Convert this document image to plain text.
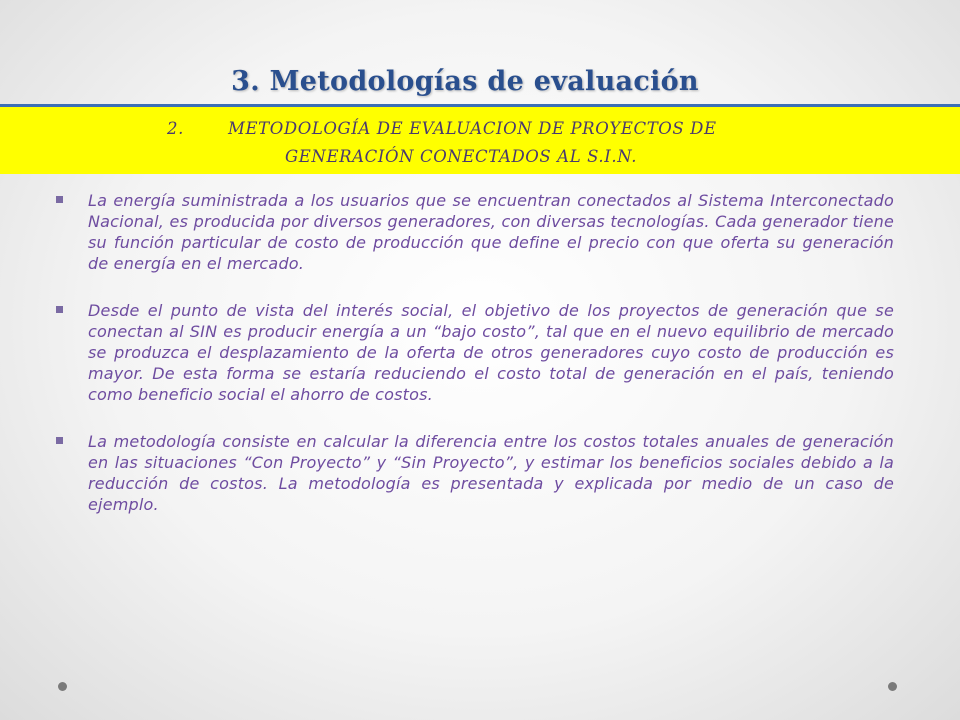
3. Metodologías de evaluación
2.	METODOLOGÍA DE EVALUACION DE PROYECTOS DE
GENERACIÓN CONECTADOS AL S.I.N.
La energía suministrada a los usuarios que se encuentran conectados al Sistema Interconectado Nacional, es producida por diversos generadores, con diversas tecnologías. Cada generador tiene su función particular de costo de producción que define el precio con que oferta su generación de energía en el mercado.
Desde el punto de vista del interés social, el objetivo de los proyectos de generación que se conectan al SIN es producir energía a un “bajo costo”, tal que en el nuevo equilibrio de mercado se produzca el desplazamiento de la oferta de otros generadores cuyo costo de producción es mayor. De esta forma se estaría reduciendo el costo total de generación en el país, teniendo como beneficio social el ahorro de costos.
La metodología consiste en calcular la diferencia entre los costos totales anuales de generación en las situaciones “Con Proyecto” y “Sin Proyecto”, y estimar los beneficios sociales debido a la reducción de costos. La metodología es presentada y explicada por medio de un caso de ejemplo.
